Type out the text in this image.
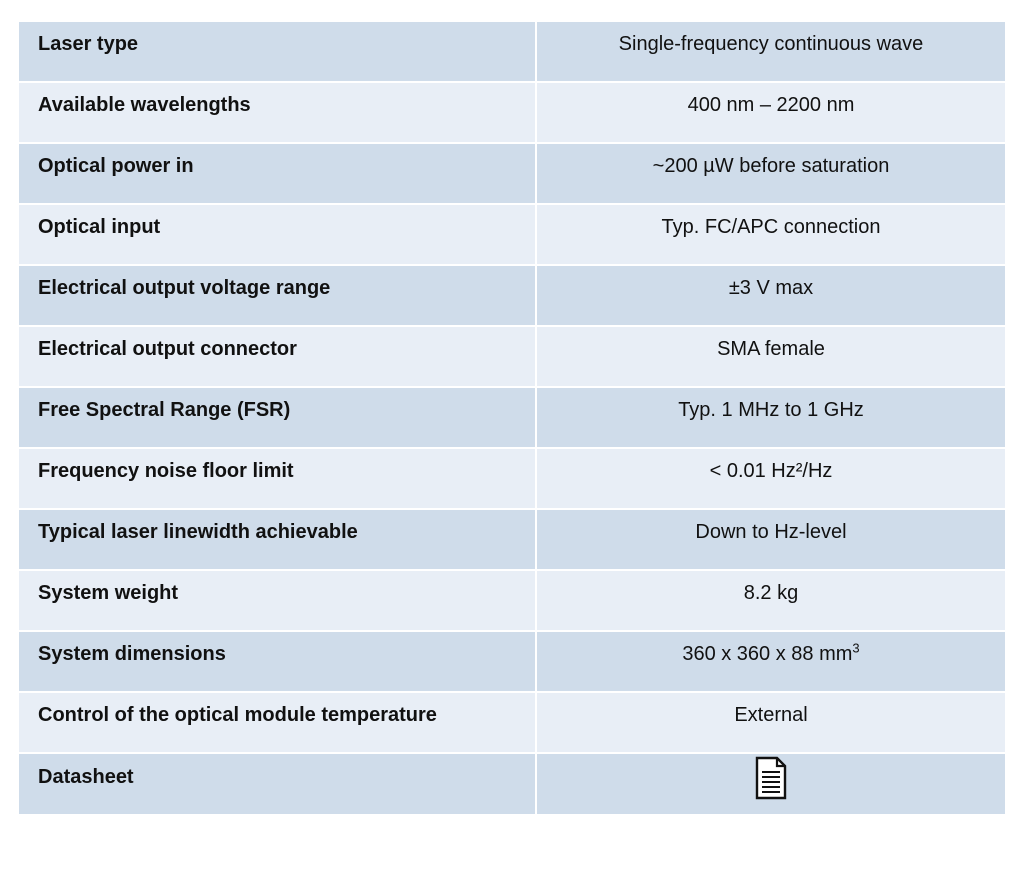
Laser type	Single-frequency continuous wave
Available wavelengths	400 nm – 2200 nm
Optical power in	~200 µW before saturation
Optical input	Typ. FC/APC connection
Electrical output voltage range	±3 V max
Electrical output connector	SMA female
Free Spectral Range (FSR)	Typ. 1 MHz to 1 GHz
Frequency noise floor limit	< 0.01 Hz²/Hz
Typical laser linewidth achievable	Down to Hz-level
System weight	8.2 kg
System dimensions	360 x 360 x 88 $mm^3$
Control of the optical module temperature	External
Datasheet	
